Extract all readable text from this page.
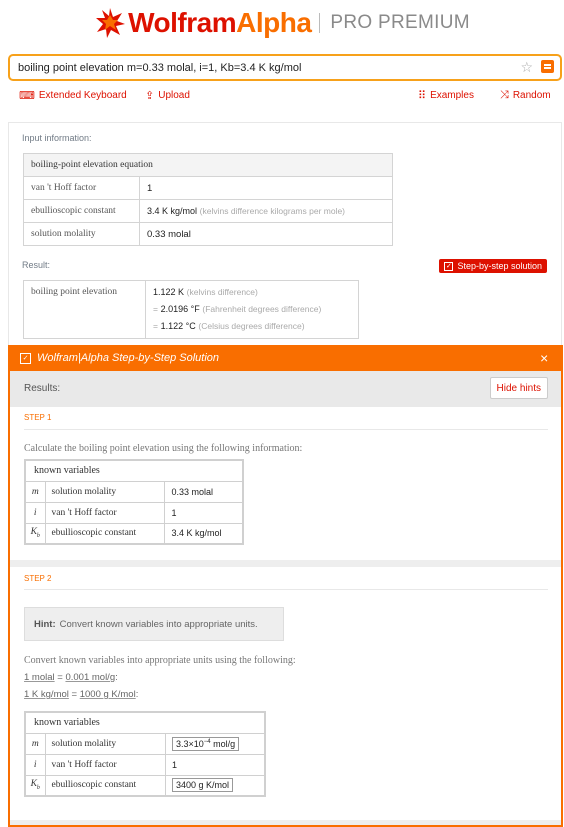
WolframAlpha PRO PREMIUM
boiling point elevation m=0.33 molal, i=1, Kb=3.4 K kg/mol
☆
⌨ Extended Keyboard ⇪ Upload	⠿ Examples ⤨ Random
Input information:
boiling-point elevation equation	
van 't Hoff factor	1
ebullioscopic constant	3.4 K kg/mol (kelvins difference kilograms per mole)
solution molality	0.33 molal
Result:	✓ Step-by-step solution
boiling point elevation	1.122 K (kelvins difference)
= 2.0196 °F (Fahrenheit degrees difference)
= 1.122 °C (Celsius degrees difference)
✓ Wolfram|Alpha Step-by-Step Solution	×
Results:	Hide hints
STEP 1
Calculate the boiling point elevation using the following information:
known variables		
m	solution molality	0.33 molal
i	van 't Hoff factor	1
$K_b$	ebullioscopic constant	3.4 K kg/mol
STEP 2
Hint: Convert known variables into appropriate units.
Convert known variables into appropriate units using the following:
1 molal = 0.001 mol/g:
1 K kg/mol = 1000 g K/mol:
known variables		
m	solution molality	$3.3\times 10^{-4}$ mol/g
i	van 't Hoff factor	1
$K_b$	ebullioscopic constant	3400 g K/mol
